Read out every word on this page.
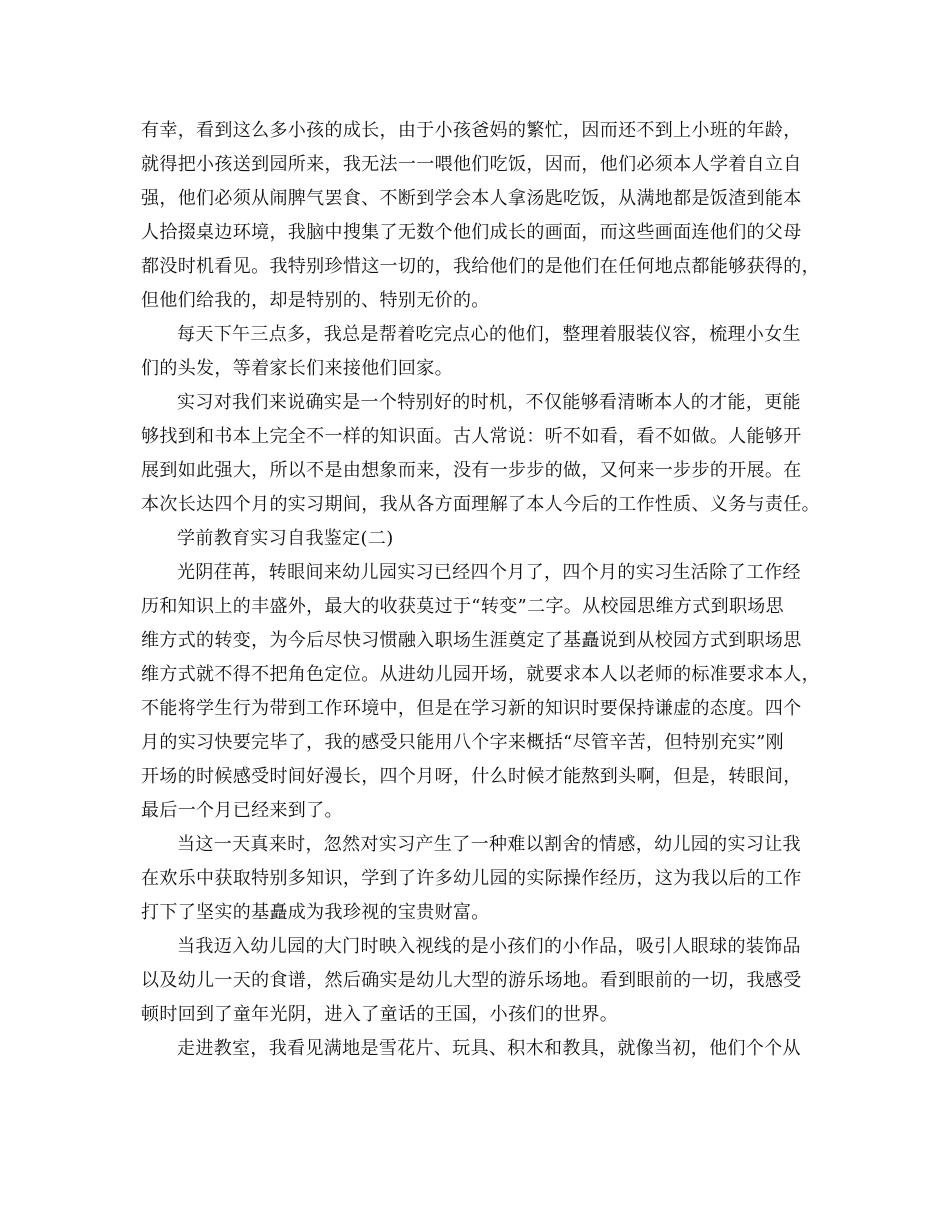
有幸，看到这么多小孩的成长，由于小孩爸妈的繁忙，因而还不到上小班的年龄，
就得把小孩送到园所来，我无法一一喂他们吃饭，因而，他们必须本人学着自立自
强，他们必须从闹脾气罢食、不断到学会本人拿汤匙吃饭，从满地都是饭渣到能本
人拾掇桌边环境，我脑中搜集了无数个他们成长的画面，而这些画面连他们的父母
都没时机看见。我特别珍惜这一切的，我给他们的是他们在任何地点都能够获得的，
但他们给我的，却是特别的、特别无价的。
每天下午三点多，我总是帮着吃完点心的他们，整理着服装仪容，梳理小女生
们的头发，等着家长们来接他们回家。
实习对我们来说确实是一个特别好的时机，不仅能够看清晰本人的才能，更能
够找到和书本上完全不一样的知识面。古人常说：听不如看，看不如做。人能够开
展到如此强大，所以不是由想象而来，没有一步步的做，又何来一步步的开展。在
本次长达四个月的实习期间，我从各方面理解了本人今后的工作性质、义务与责任。
学前教育实习自我鉴定(二)
光阴荏苒，转眼间来幼儿园实习已经四个月了，四个月的实习生活除了工作经
历和知识上的丰盛外，最大的收获莫过于“转变”二字。从校园思维方式到职场思
维方式的转变，为今后尽快习惯融入职场生涯奠定了基矗说到从校园方式到职场思
维方式就不得不把角色定位。从进幼儿园开场，就要求本人以老师的标准要求本人，
不能将学生行为带到工作环境中，但是在学习新的知识时要保持谦虚的态度。四个
月的实习快要完毕了，我的感受只能用八个字来概括“尽管辛苦，但特别充实”刚
开场的时候感受时间好漫长，四个月呀，什么时候才能熬到头啊，但是，转眼间，
最后一个月已经来到了。
当这一天真来时，忽然对实习产生了一种难以割舍的情感，幼儿园的实习让我
在欢乐中获取特别多知识，学到了许多幼儿园的实际操作经历，这为我以后的工作
打下了坚实的基矗成为我珍视的宝贵财富。
当我迈入幼儿园的大门时映入视线的是小孩们的小作品，吸引人眼球的装饰品
以及幼儿一天的食谱，然后确实是幼儿大型的游乐场地。看到眼前的一切，我感受
顿时回到了童年光阴，进入了童话的王国，小孩们的世界。
走进教室，我看见满地是雪花片、玩具、积木和教具，就像当初，他们个个从
